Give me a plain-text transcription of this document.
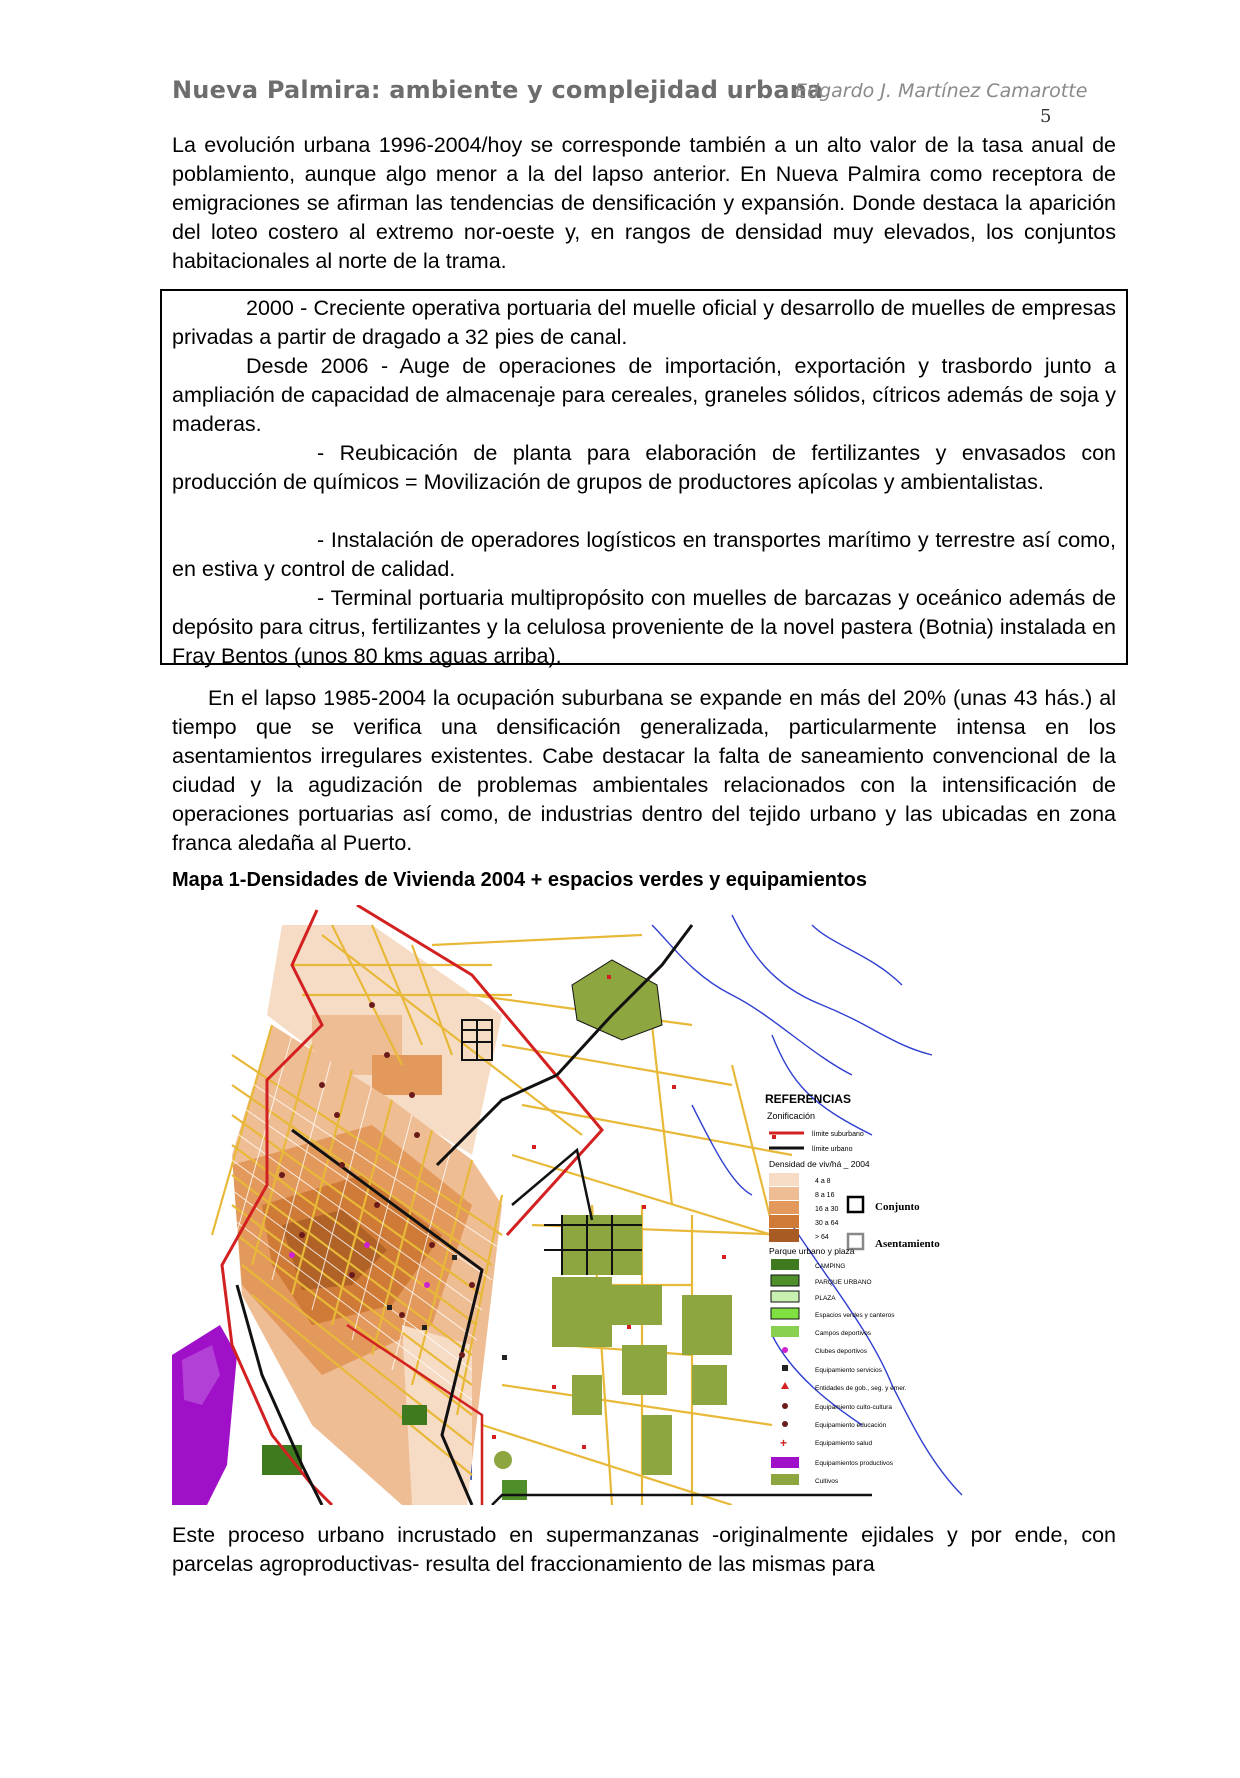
Nueva Palmira: ambiente y complejidad urbana
Edgardo J. Martínez Camarotte
5

La evolución urbana 1996-2004/hoy se corresponde también a un alto valor de la tasa anual de poblamiento, aunque algo menor a la del lapso anterior. En Nueva Palmira como receptora de emigraciones se afirman las tendencias de densificación y expansión. Donde destaca la aparición del loteo costero al extremo nor-oeste y, en rangos de densidad muy elevados, los conjuntos habitacionales al norte de la trama.

2000 - Creciente operativa portuaria del muelle oficial y desarrollo de muelles de empresas privadas a partir de dragado a 32 pies de canal.

Desde 2006 - Auge de operaciones de importación, exportación y trasbordo junto a ampliación de capacidad de almacenaje para cereales, graneles sólidos, cítricos además de soja y maderas.

- Reubicación de planta para elaboración de fertilizantes y envasados con producción de químicos = Movilización de grupos de productores apícolas y ambientalistas.

- Instalación de operadores logísticos en transportes marítimo y terrestre así como, en estiva y control de calidad.

- Terminal portuaria multipropósito con muelles de barcazas y oceánico además de depósito para citrus, fertilizantes y la celulosa proveniente de la novel pastera (Botnia) instalada en Fray Bentos (unos 80 kms aguas arriba).

En el lapso 1985-2004 la ocupación suburbana se expande en más del 20% (unas 43 hás.) al tiempo que se verifica una densificación generalizada, particularmente intensa en los asentamientos irregulares existentes. Cabe destacar la falta de saneamiento convencional de la ciudad y la agudización de problemas ambientales relacionados con la intensificación de operaciones portuarias así como, de industrias dentro del tejido urbano y las ubicadas en zona franca aledaña al Puerto.

Mapa 1-Densidades de Vivienda 2004 + espacios verdes y equipamientos
REFERENCIAS
Zonificación
límite suburbano
límite urbano
Densidad de viv/há _ 2004
4 a 8
8 a 16
16 a 30
30 a 64
> 64
Conjunto
Asentamiento
Parque urbano y plaza
CAMPING
PARQUE URBANO
PLAZA
Espacios verdes y canteros
Campos deportivos
Clubes deportivos
Equipamiento servicios
Entidades de gob., seg. y emer.
Equipamiento culto-cultura
Equipamiento educación
+	Equipamiento salud
Equipamientos productivos
Cultivos

Este proceso urbano incrustado en supermanzanas -originalmente ejidales y por ende, con parcelas agroproductivas- resulta del fraccionamiento de las mismas para
